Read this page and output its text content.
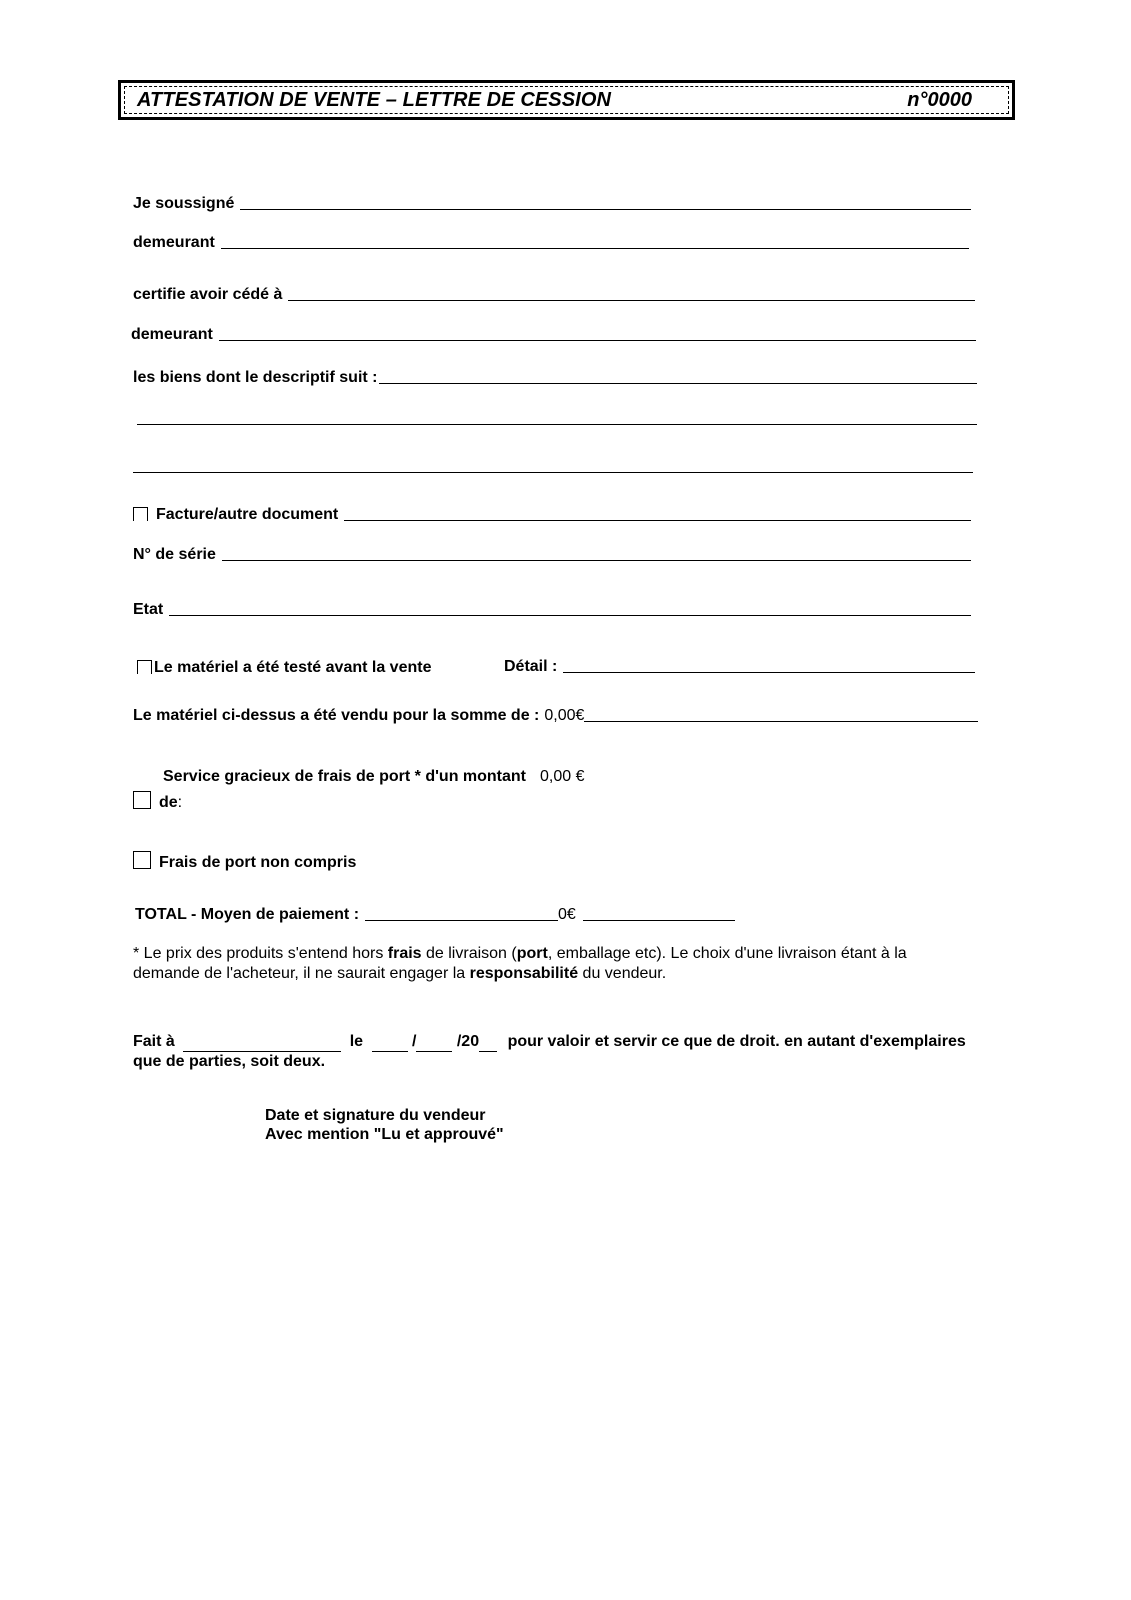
ATTESTATION DE VENTE – LETTRE DE CESSION	n°0000
Je soussigné
demeurant
certifie avoir cédé à
demeurant
les biens dont le descriptif suit :
Facture/autre document
N° de série
Etat
Le matériel a été testé avant la vente	Détail :
Le matériel ci-dessus a été vendu pour la somme de : 0,00€
Service gracieux de frais de port * d'un montant 0,00 €
de :
Frais de port non compris
TOTAL - Moyen de paiement :	0€
* Le prix des produits s'entend hors frais de livraison (port, emballage etc). Le choix d'une livraison étant à la demande de l'acheteur, il ne saurait engager la responsabilité du vendeur.
Fait à	le	/	/20 pour valoir et servir ce que de droit. en autant d'exemplaires que de parties, soit deux.
Date et signature du vendeur
Avec mention "Lu et approuvé"
